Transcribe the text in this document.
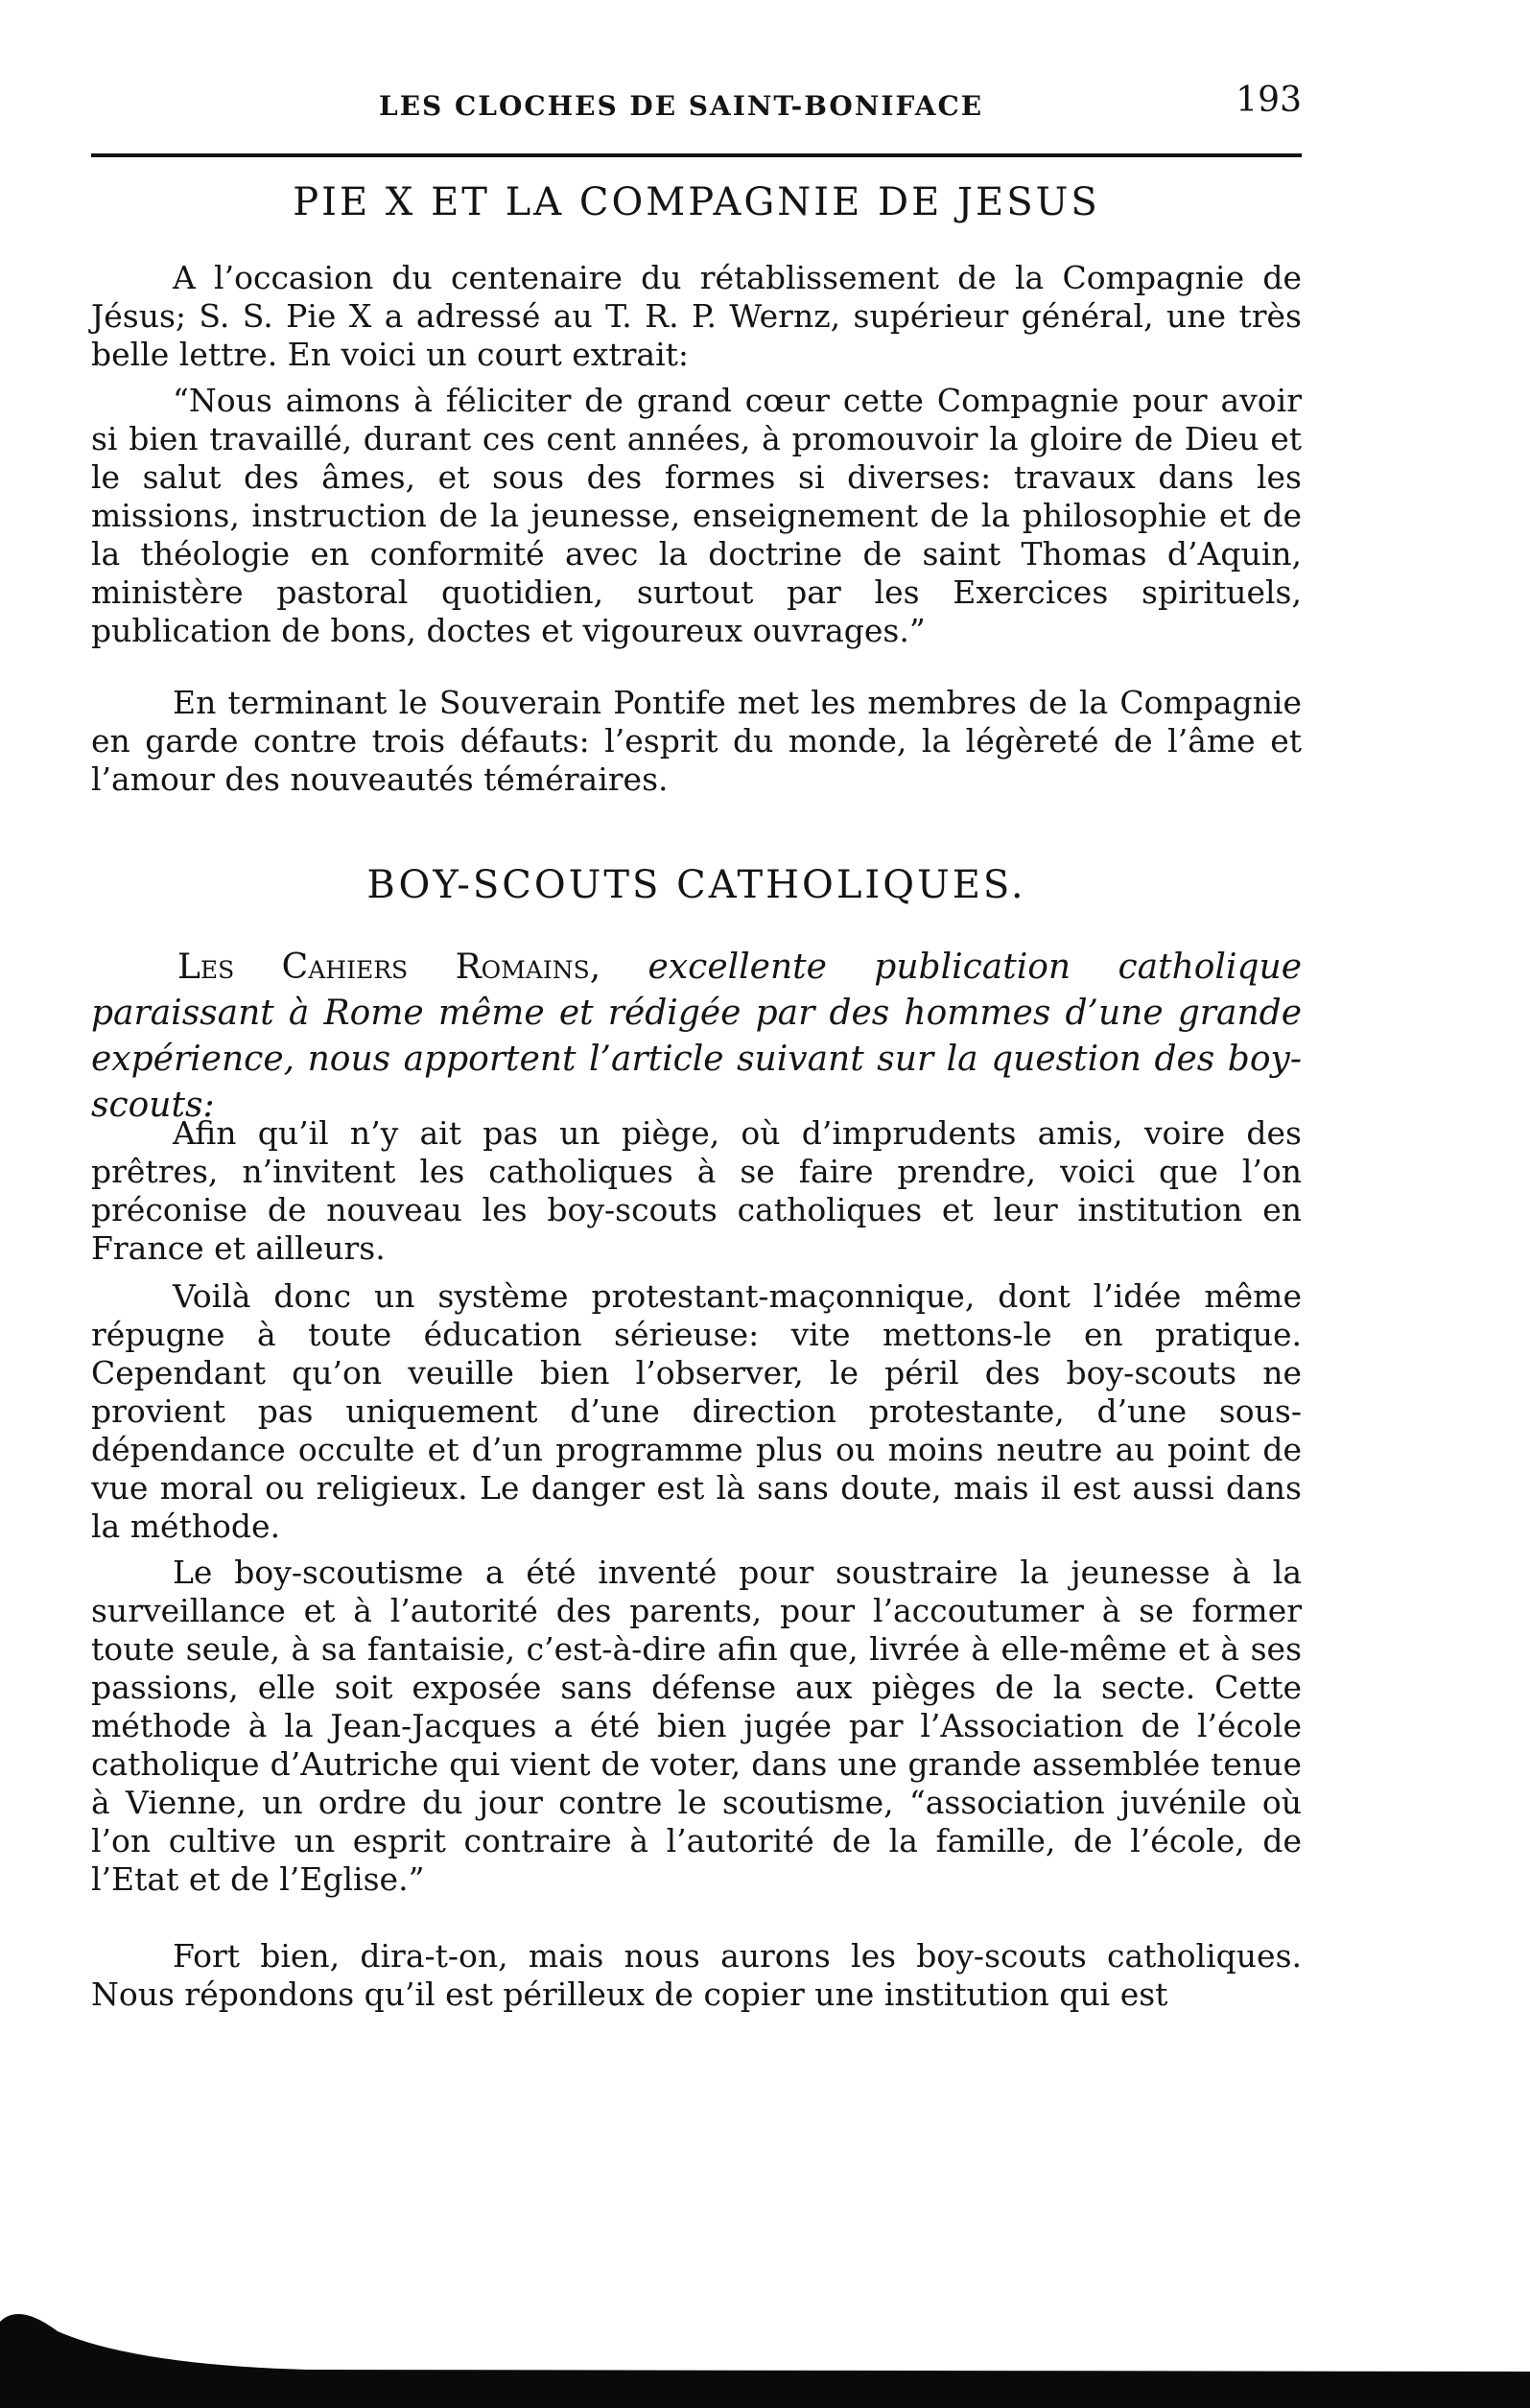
LES CLOCHES DE SAINT-BONIFACE	193
PIE X ET LA COMPAGNIE DE JESUS

A l’occasion du centenaire du rétablissement de la Compagnie de Jésus; S. S. Pie X a adressé au T. R. P. Wernz, supérieur général, une très belle lettre. En voici un court extrait:

“Nous aimons à féliciter de grand cœur cette Compagnie pour avoir si bien travaillé, durant ces cent années, à promouvoir la gloire de Dieu et le salut des âmes, et sous des formes si diverses: travaux dans les missions, instruction de la jeunesse, enseignement de la philosophie et de la théologie en conformité avec la doctrine de saint Thomas d’Aquin, ministère pastoral quotidien, surtout par les Exercices spirituels, publication de bons, doctes et vigoureux ouvrages.”

En terminant le Souverain Pontife met les membres de la Compagnie en garde contre trois défauts: l’esprit du monde, la légèreté de l’âme et l’amour des nouveautés téméraires.

BOY-SCOUTS CATHOLIQUES.

Les Cahiers Romains, excellente publication catholique paraissant à Rome même et rédigée par des hommes d’une grande expérience, nous apportent l’article suivant sur la question des boy-scouts:

Afin qu’il n’y ait pas un piège, où d’imprudents amis, voire des prêtres, n’invitent les catholiques à se faire prendre, voici que l’on préconise de nouveau les boy-scouts catholiques et leur institution en France et ailleurs.

Voilà donc un système protestant-maçonnique, dont l’idée même répugne à toute éducation sérieuse: vite mettons-le en pratique. Cependant qu’on veuille bien l’observer, le péril des boy-scouts ne provient pas uniquement d’une direction protestante, d’une sous-dépendance occulte et d’un programme plus ou moins neutre au point de vue moral ou religieux. Le danger est là sans doute, mais il est aussi dans la méthode.

Le boy-scoutisme a été inventé pour soustraire la jeunesse à la surveillance et à l’autorité des parents, pour l’accoutumer à se former toute seule, à sa fantaisie, c’est-à-dire afin que, livrée à elle-même et à ses passions, elle soit exposée sans défense aux pièges de la secte. Cette méthode à la Jean-Jacques a été bien jugée par l’Association de l’école catholique d’Autriche qui vient de voter, dans une grande assemblée tenue à Vienne, un ordre du jour contre le scoutisme, “association juvénile où l’on cultive un esprit contraire à l’autorité de la famille, de l’école, de l’Etat et de l’Eglise.”

Fort bien, dira-t-on, mais nous aurons les boy-scouts catholiques. Nous répondons qu’il est périlleux de copier une institution qui est
